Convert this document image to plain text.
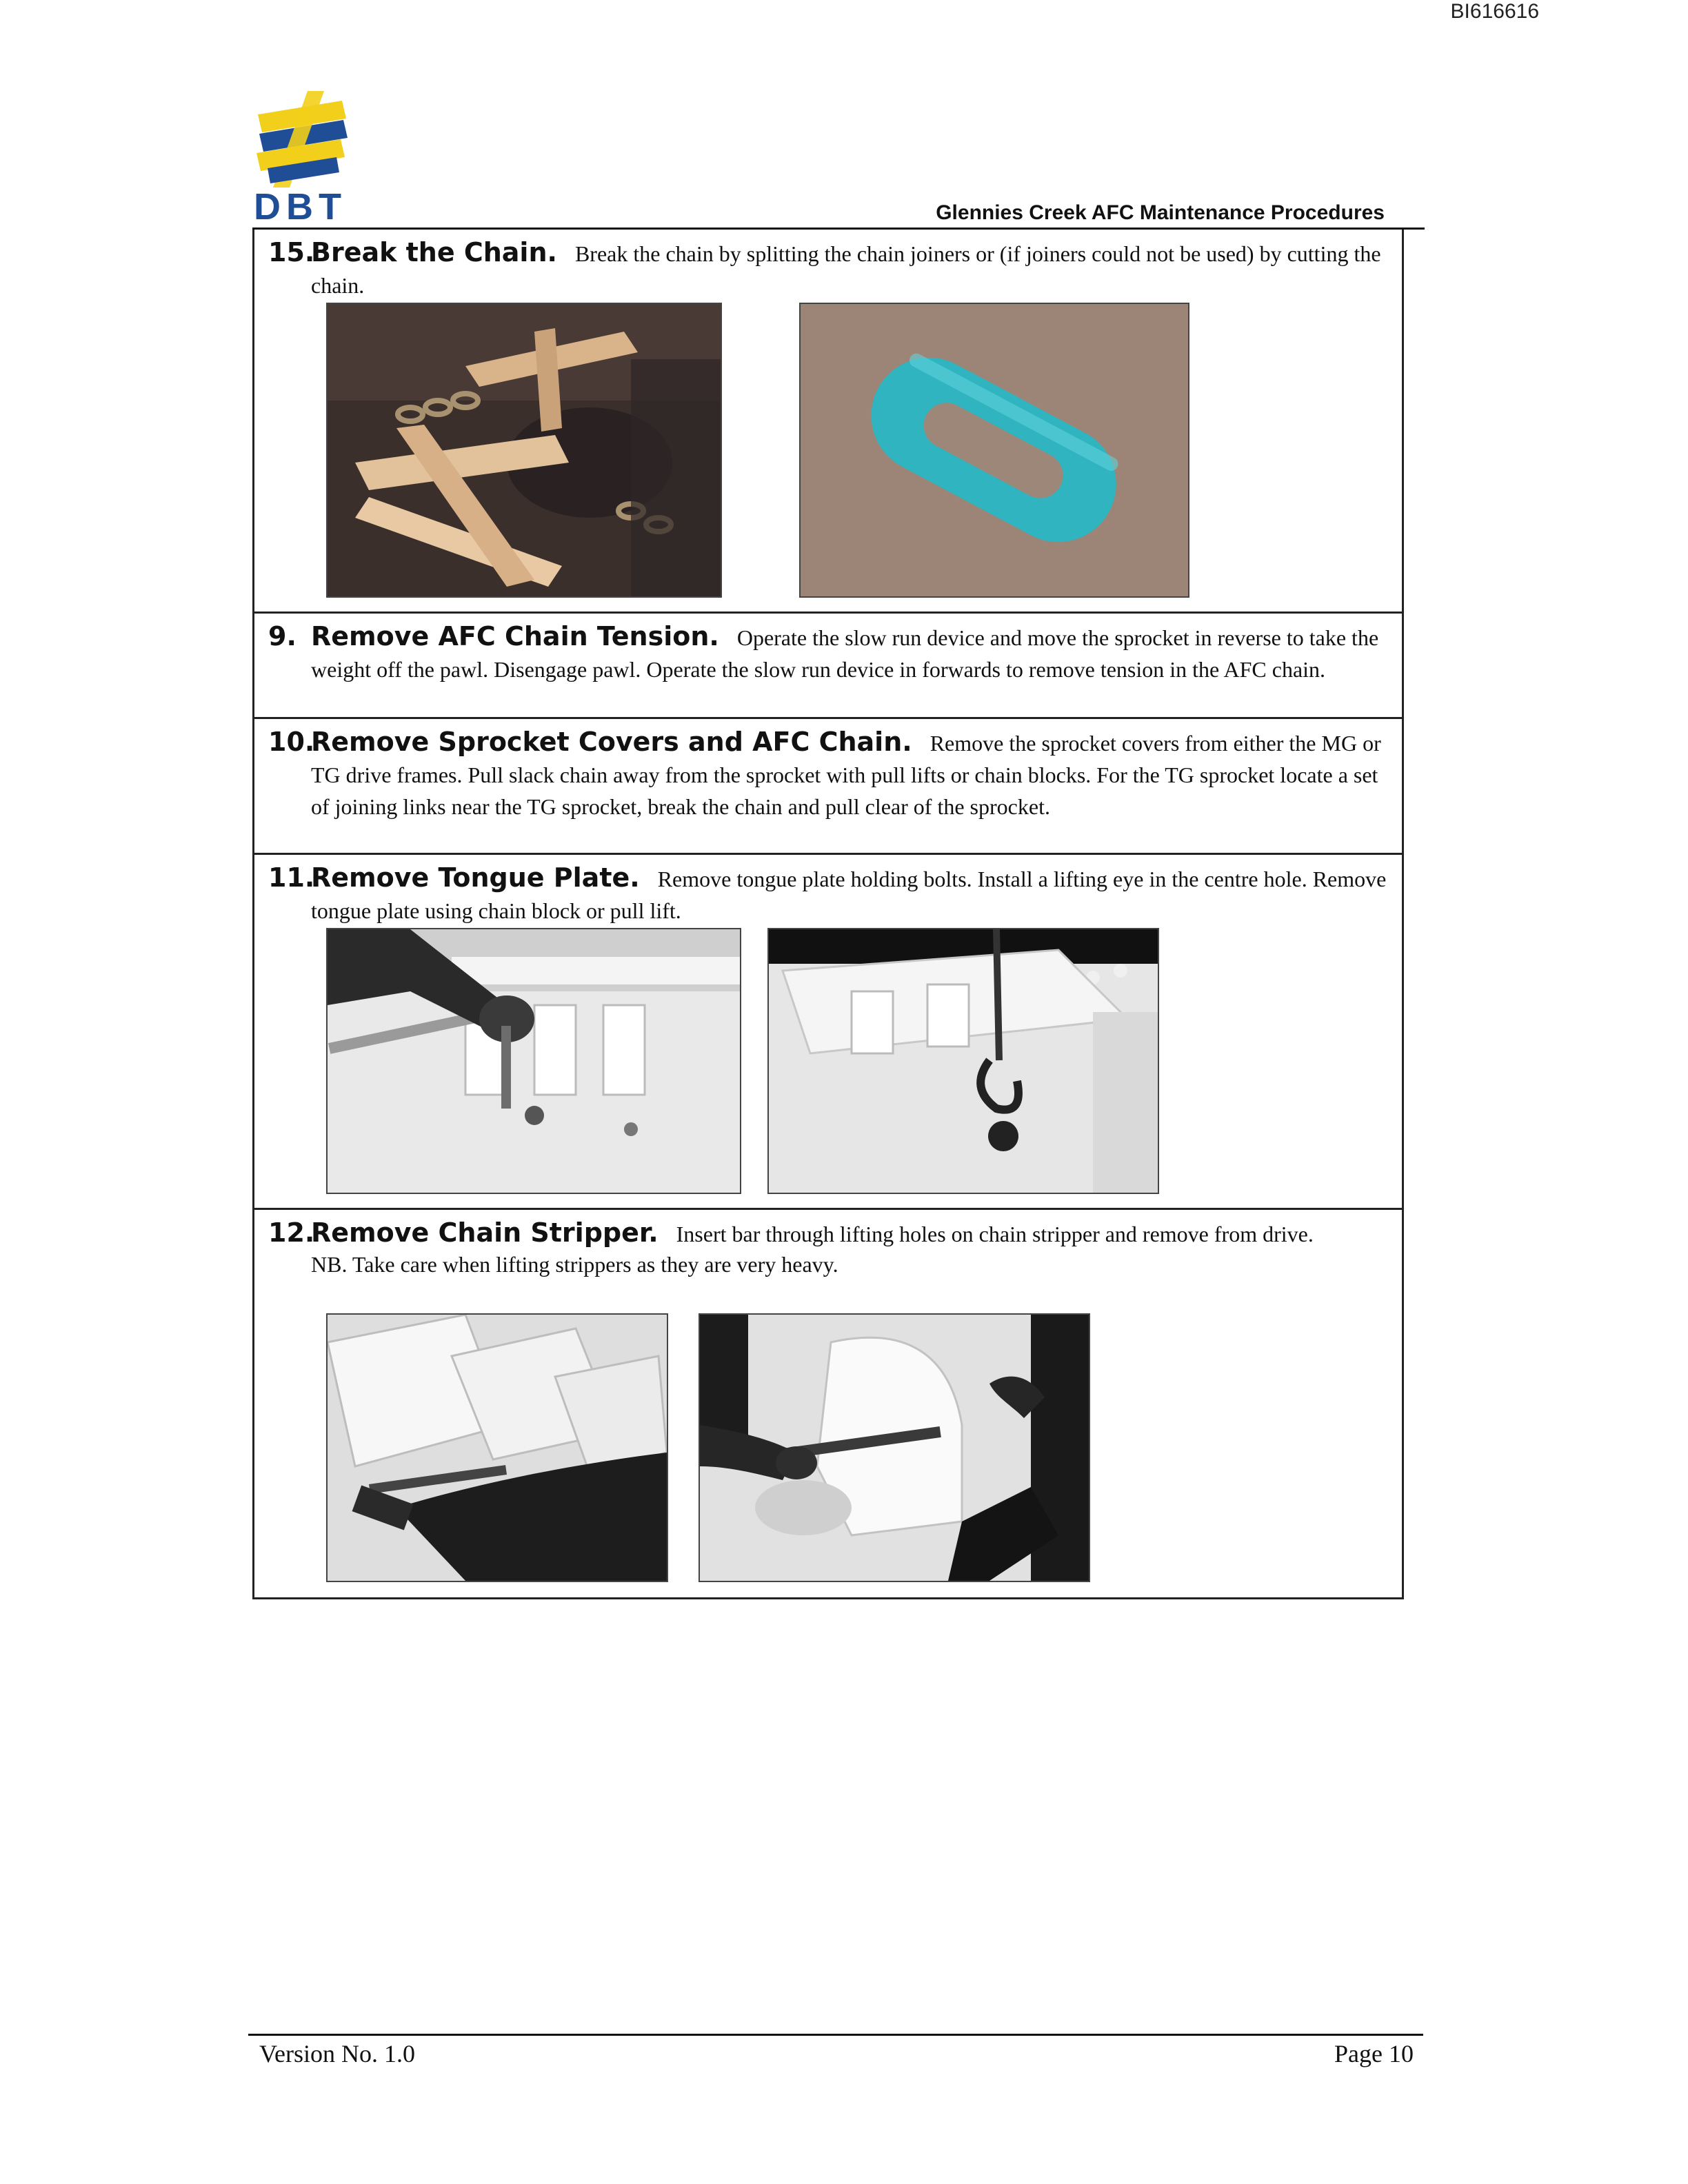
BI616616
DBT	Glennies Creek AFC Maintenance Procedures
15.
Break the Chain. Break the chain by splitting the chain joiners or (if joiners could not be used) by cutting the chain.
9. Remove AFC Chain Tension. Operate the slow run device and move the sprocket in reverse to take the weight off the pawl. Disengage pawl. Operate the slow run device in forwards to remove tension in the AFC chain.
10.
Remove Sprocket Covers and AFC Chain. Remove the sprocket covers from either the MG or TG drive frames. Pull slack chain away from the sprocket with pull lifts or chain blocks. For the TG sprocket locate a set of joining links near the TG sprocket, break the chain and pull clear of the sprocket.
11.
Remove Tongue Plate. Remove tongue plate holding bolts. Install a lifting eye in the centre hole. Remove tongue plate using chain block or pull lift.
12.
Remove Chain Stripper. Insert bar through lifting holes on chain stripper and remove from drive.
NB. Take care when lifting strippers as they are very heavy.
Version No. 1.0	Page 10
